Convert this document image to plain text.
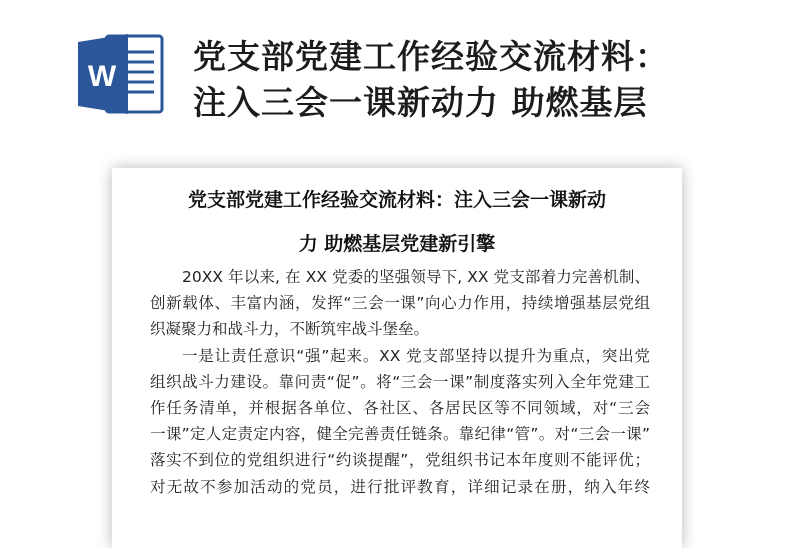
W
党支部党建工作经验交流材料：
注入三会一课新动力 助燃基层
党支部党建工作经验交流材料：注入三会一课新动
力 助燃基层党建新引擎
20XX 年以来, 在 XX 党委的坚强领导下, XX 党支部着力完善机制、
创新载体、丰富内涵，发挥“三会一课”向心力作用，持续增强基层党组
织凝聚力和战斗力，不断筑牢战斗堡垒。
一是让责任意识“强”起来。XX 党支部坚持以提升为重点，突出党
组织战斗力建设。靠问责“促”。将“三会一课”制度落实列入全年党建工
作任务清单，并根据各单位、各社区、各居民区等不同领域，对“三会
一课”定人定责定内容，健全完善责任链条。靠纪律“管”。对“三会一课”
落实不到位的党组织进行“约谈提醒”，党组织书记本年度则不能评优；
对无故不参加活动的党员，进行批评教育，详细记录在册，纳入年终
